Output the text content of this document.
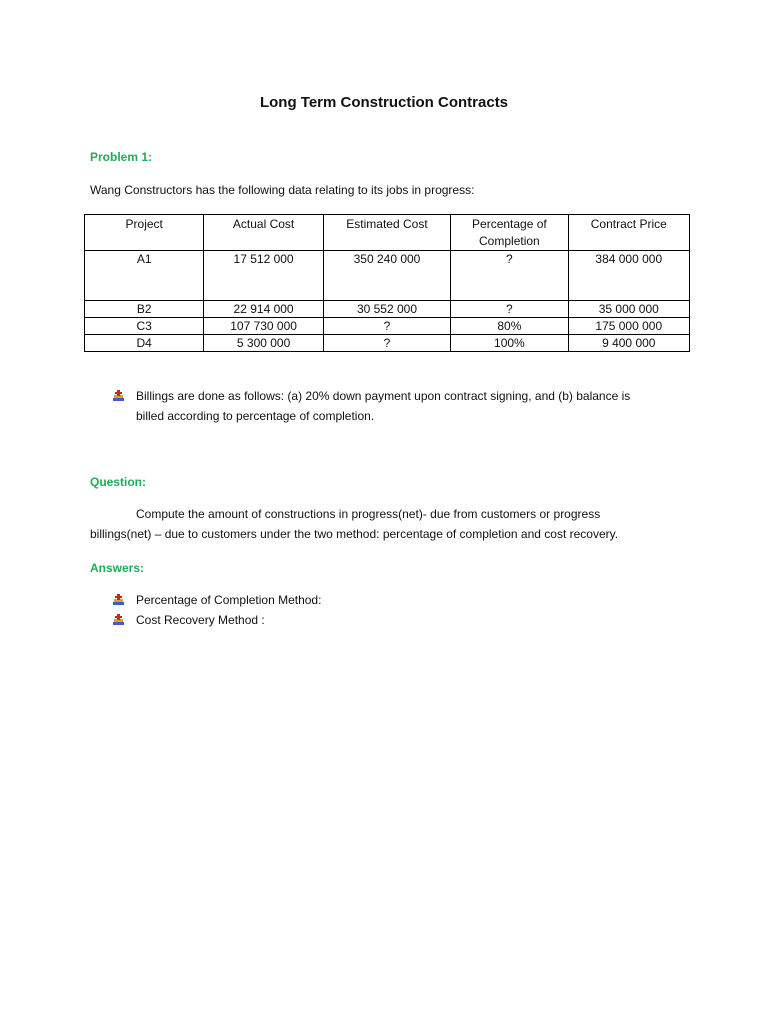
Long Term Construction Contracts
Problem 1:
Wang Constructors has the following data relating to its jobs in progress:
Project	Actual Cost	Estimated Cost	Percentage of Completion	Contract Price
A1	17 512 000	350 240 000	?	384 000 000
B2	22 914 000	30 552 000	?	35 000 000
C3	107 730 000	?	80%	175 000 000
D4	5 300 000	?	100%	9 400 000
Billings are done as follows: (a) 20% down payment upon contract signing, and (b) balance is
billed according to percentage of completion.
Question:
Compute the amount of constructions in progress(net)- due from customers or progress
billings(net) – due to customers under the two method: percentage of completion and cost recovery.
Answers:
Percentage of Completion Method:
Cost Recovery Method :
